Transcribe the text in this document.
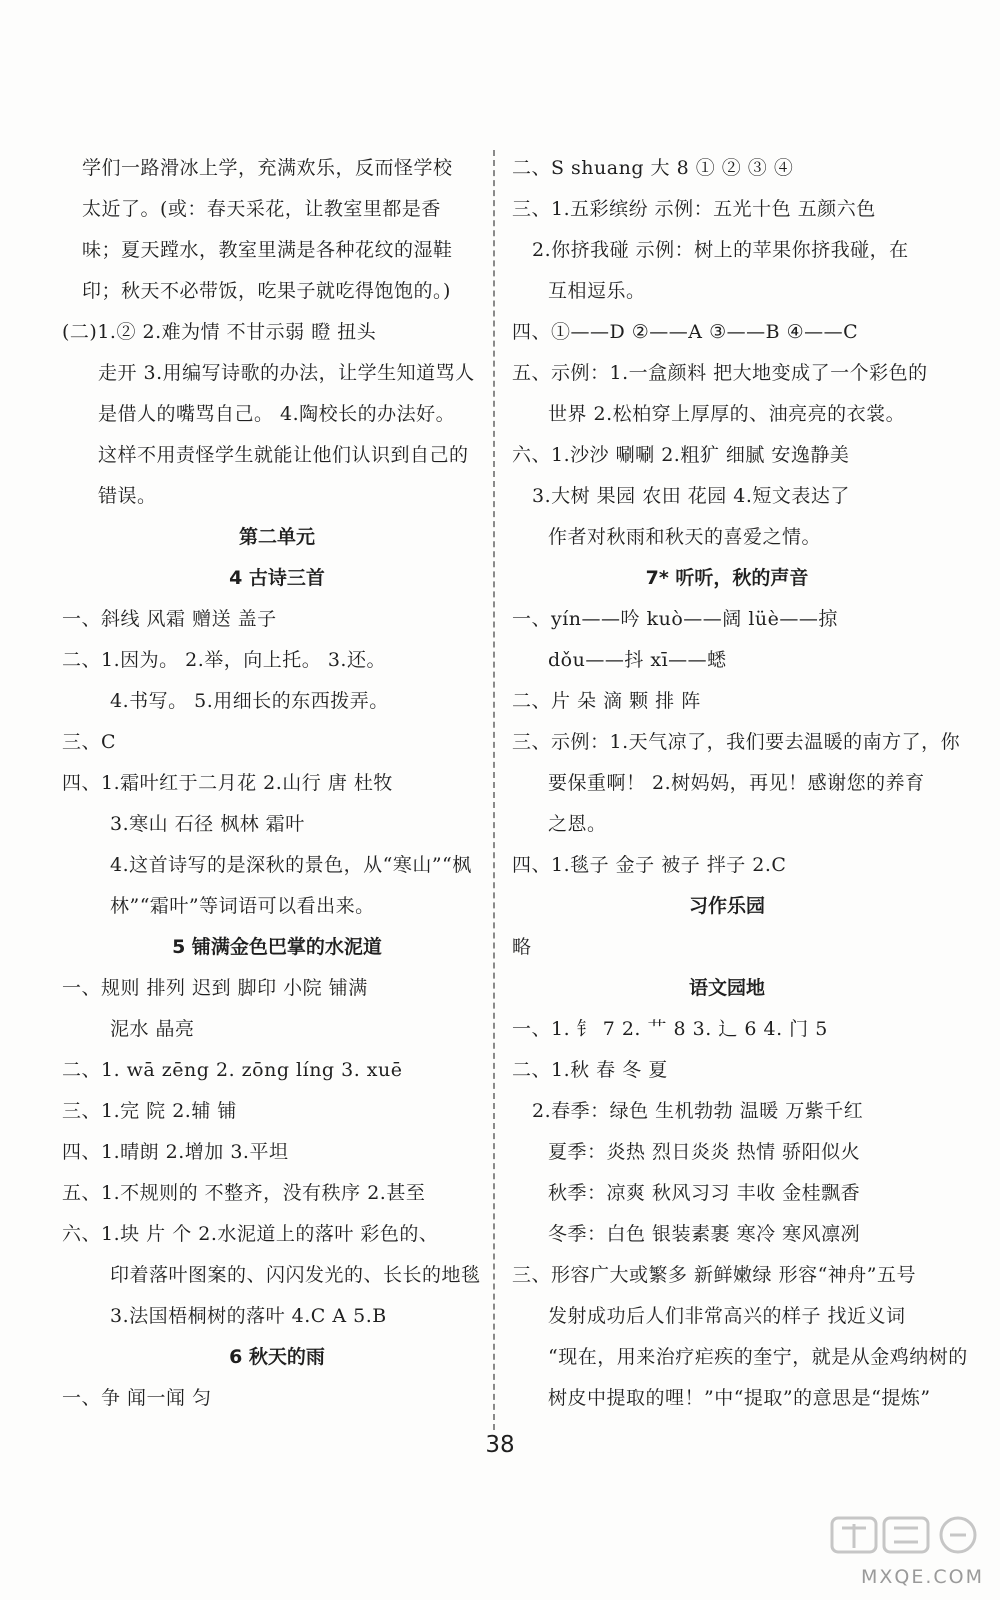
学们一路滑冰上学，充满欢乐，反而怪学校
太近了。(或：春天采花，让教室里都是香
味；夏天蹚水，教室里满是各种花纹的湿鞋
印；秋天不必带饭，吃果子就吃得饱饱的。)
(二)1.② 2.难为情 不甘示弱 瞪 扭头
走开 3.用编写诗歌的办法，让学生知道骂人
是借人的嘴骂自己。 4.陶校长的办法好。
这样不用责怪学生就能让他们认识到自己的
错误。
第二单元
4 古诗三首
一、斜线 风霜 赠送 盖子
二、1.因为。 2.举，向上托。 3.还。
4.书写。 5.用细长的东西拨弄。
三、C
四、1.霜叶红于二月花 2.山行 唐 杜牧
3.寒山 石径 枫林 霜叶
4.这首诗写的是深秋的景色，从“寒山”“枫
林”“霜叶”等词语可以看出来。
5 铺满金色巴掌的水泥道
一、规则 排列 迟到 脚印 小院 铺满
泥水 晶亮
二、1. wā zēng 2. zōng líng 3. xuē
三、1.完 院 2.辅 铺
四、1.晴朗 2.增加 3.平坦
五、1.不规则的 不整齐，没有秩序 2.甚至
六、1.块 片 个 2.水泥道上的落叶 彩色的、
印着落叶图案的、闪闪发光的、长长的地毯
3.法国梧桐树的落叶 4.C A 5.B
6 秋天的雨
一、争 闻一闻 匀
二、S shuang 大 8 ① ② ③ ④
三、1.五彩缤纷 示例：五光十色 五颜六色
2.你挤我碰 示例：树上的苹果你挤我碰，在
互相逗乐。
四、①——D ②——A ③——B ④——C
五、示例：1.一盒颜料 把大地变成了一个彩色的
世界 2.松柏穿上厚厚的、油亮亮的衣裳。
六、1.沙沙 唰唰 2.粗犷 细腻 安逸静美
3.大树 果园 农田 花园 4.短文表达了
作者对秋雨和秋天的喜爱之情。
7* 听听，秋的声音
一、yín——吟 kuò——阔 lüè——掠
dǒu——抖 xī——蟋
二、片 朵 滴 颗 排 阵
三、示例：1.天气凉了，我们要去温暖的南方了，你
要保重啊！ 2.树妈妈，再见！感谢您的养育
之恩。
四、1.毯子 金子 被子 拌子 2.C
习作乐园
略
语文园地
一、1. 钅 7 2. 艹 8 3. 辶 6 4. 门 5
二、1.秋 春 冬 夏
2.春季：绿色 生机勃勃 温暖 万紫千红
夏季：炎热 烈日炎炎 热情 骄阳似火
秋季：凉爽 秋风习习 丰收 金桂飘香
冬季：白色 银装素裹 寒冷 寒风凛冽
三、形容广大或繁多 新鲜嫩绿 形容“神舟”五号
发射成功后人们非常高兴的样子 找近义词
“现在，用来治疗疟疾的奎宁，就是从金鸡纳树的
树皮中提取的哩！”中“提取”的意思是“提炼”
38
MXQE.COM
